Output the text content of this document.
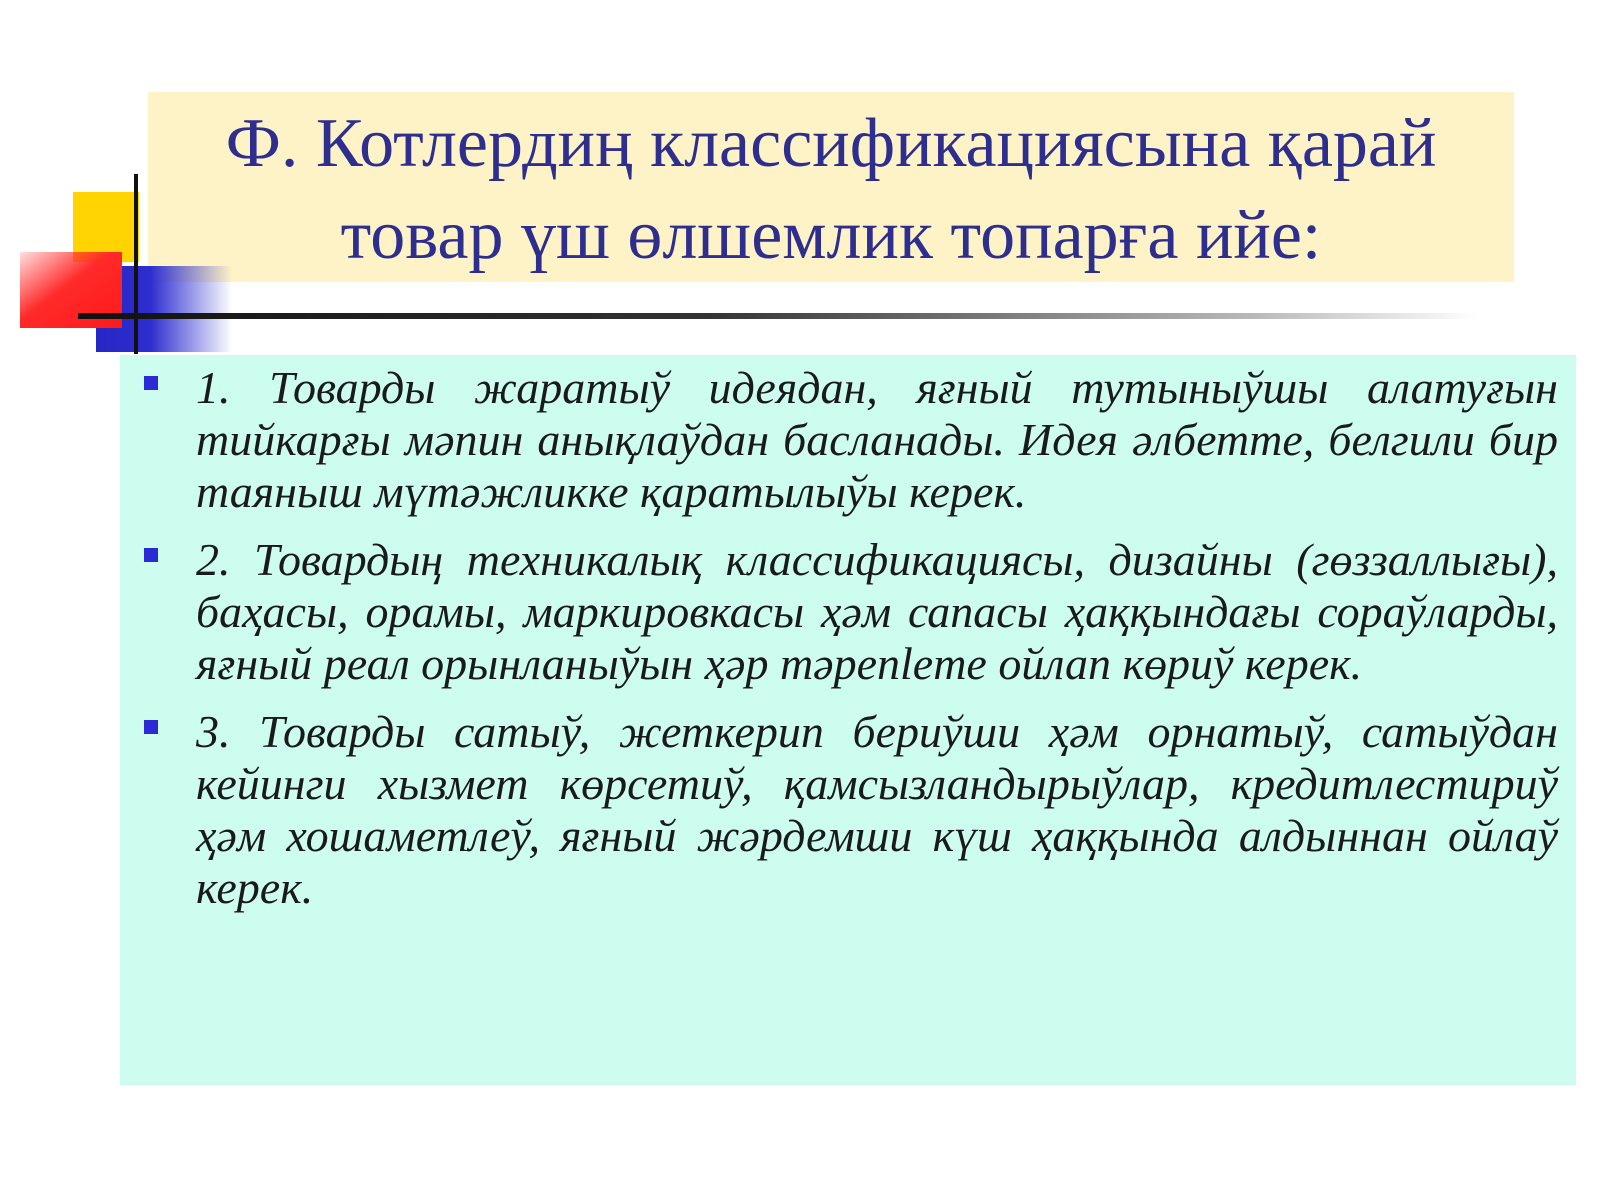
Ф. Котлердиң классификациясына қарай товар үш өлшемлик топарға ийе:
1. Товарды жаратыў идеядан, яғный тутыныўшы алатуғын тийкарғы мәпин анықлаўдан басланады. Идея әлбетте, белгили бир таяныш мүтәжликке қаратылыўы керек.
2. Товардың техникалық классификациясы, дизайны (гөззаллығы), баҳасы, орамы, маркировкасы ҳәм сапасы ҳаққындағы сораўларды, яғный реал орынланыўын ҳәр тәрепleme ойлап көриў керек.
3. Товарды сатыў, жеткерип бериўши ҳәм орнатыў, сатыўдан кейинги хызмет көрсетиў, қамсызландырыўлар, кредитлестириў ҳәм хошаметлеў, яғный жәрдемши күш ҳаққында алдыннан ойлаў керек.
